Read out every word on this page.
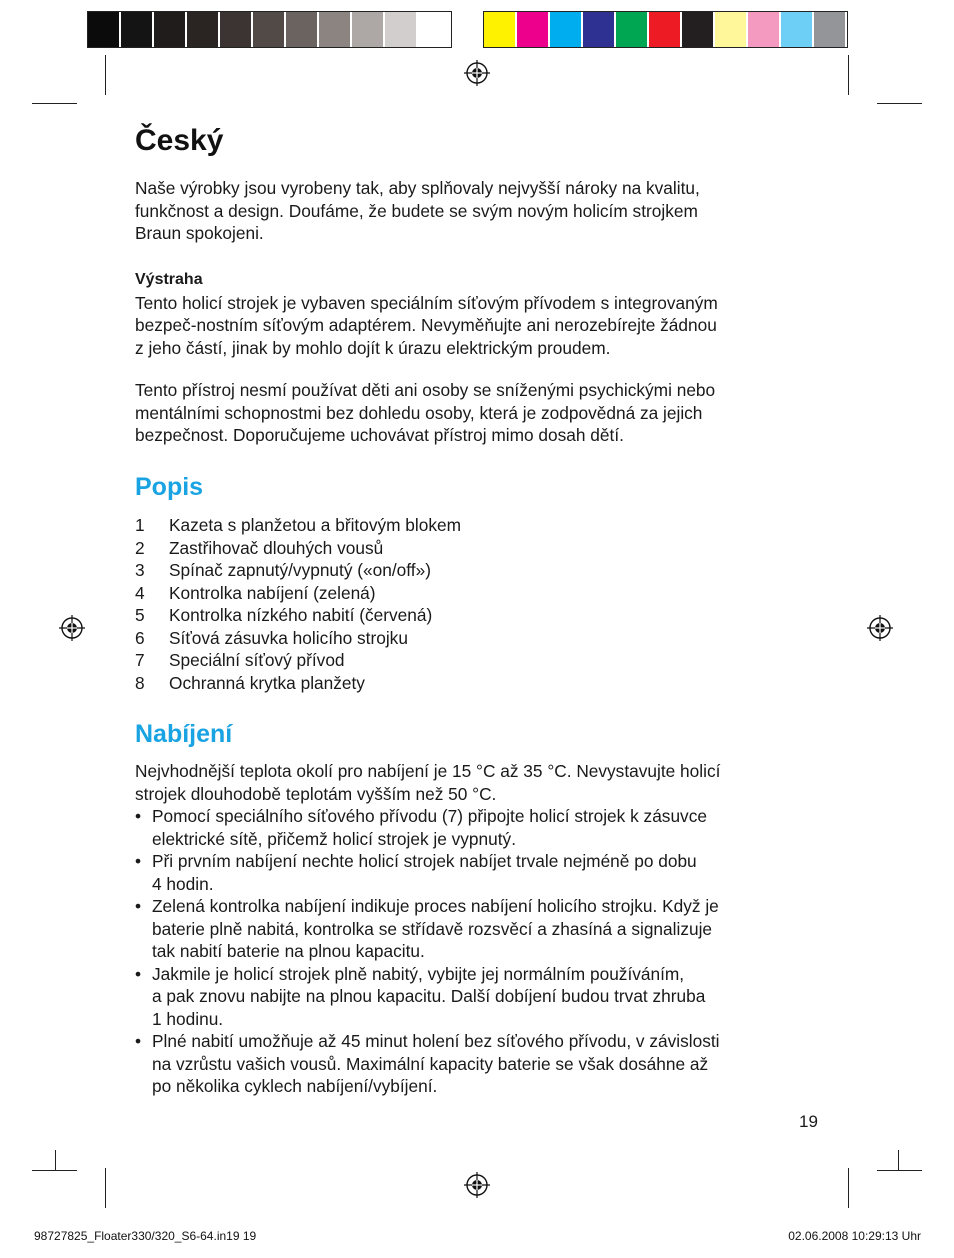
Český

Naše výrobky jsou vyrobeny tak, aby splňovaly nejvyšší nároky na kvalitu,
funkčnost a design. Doufáme, že budete se svým novým holicím strojkem
Braun spokojeni.

Výstraha
Tento holicí strojek je vybaven speciálním síťovým přívodem s integrovaným
bezpeč-nostním síťovým adaptérem. Nevyměňujte ani nerozebírejte žádnou
z jeho částí, jinak by mohlo dojít k úrazu elektrickým proudem.

Tento přístroj nesmí používat děti ani osoby se sníženými psychickými nebo
mentálními schopnostmi bez dohledu osoby, která je zodpovědná za jejich
bezpečnost. Doporučujeme uchovávat přístroj mimo dosah dětí.

Popis
1	Kazeta s planžetou a břitovým blokem
2	Zastřihovač dlouhých vousů
3	Spínač zapnutý/vypnutý («on/off»)
4	Kontrolka nabíjení (zelená)
5	Kontrolka nízkého nabití (červená)
6	Síťová zásuvka holicího strojku
7	Speciální síťový přívod
8	Ochranná krytka planžety
Nabíjení

Nejvhodnější teplota okolí pro nabíjení je 15 °C až 35 °C. Nevystavujte holicí
strojek dlouhodobě teplotám vyšším než 50 °C.

• Pomocí speciálního síťového přívodu (7) připojte holicí strojek k zásuvce
elektrické sítě, přičemž holicí strojek je vypnutý.
• Při prvním nabíjení nechte holicí strojek nabíjet trvale nejméně po dobu
4 hodin.
• Zelená kontrolka nabíjení indikuje proces nabíjení holicího strojku. Když je
baterie plně nabitá, kontrolka se střídavě rozsvěcí a zhasíná a signalizuje
tak nabití baterie na plnou kapacitu.
• Jakmile je holicí strojek plně nabitý, vybijte jej normálním používáním,
a pak znovu nabijte na plnou kapacitu. Další dobíjení budou trvat zhruba
1 hodinu.
• Plné nabití umožňuje až 45 minut holení bez síťového přívodu, v závislosti
na vzrůstu vašich vousů. Maximální kapacity baterie se však dosáhne až
po několika cyklech nabíjení/vybíjení.
19
98727825_Floater330/320_S6-64.in19 19	02.06.2008 10:29:13 Uhr
